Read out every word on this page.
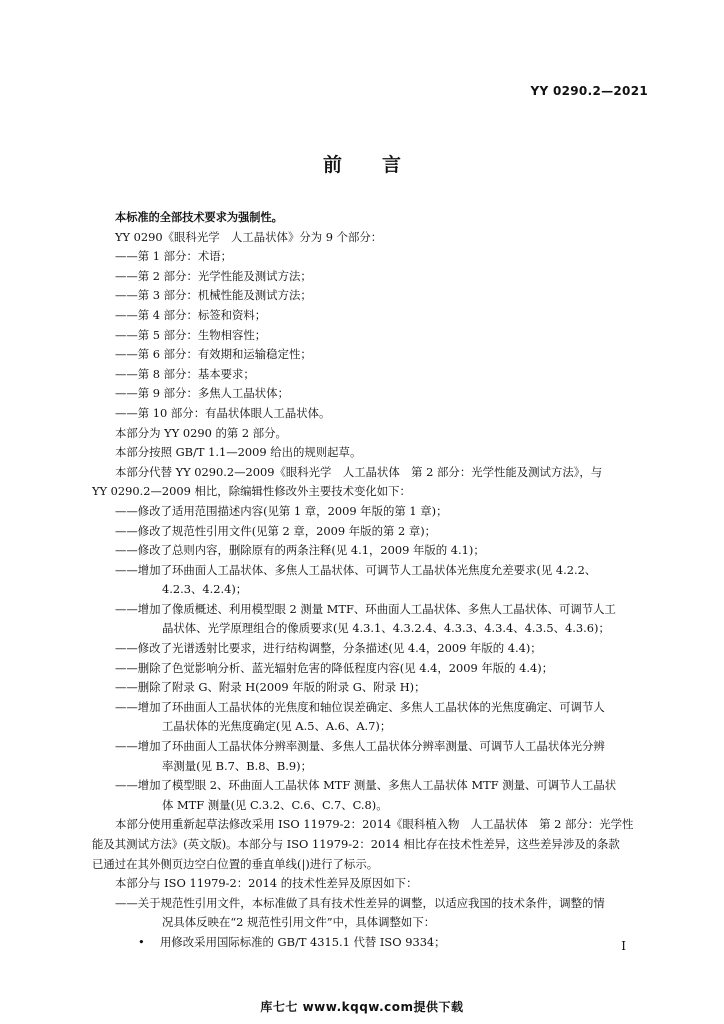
YY 0290.2—2021
前言
本标准的全部技术要求为强制性。
YY 0290《眼科光学　人工晶状体》分为 9 个部分：
——第 1 部分：术语；
——第 2 部分：光学性能及测试方法；
——第 3 部分：机械性能及测试方法；
——第 4 部分：标签和资料；
——第 5 部分：生物相容性；
——第 6 部分：有效期和运输稳定性；
——第 8 部分：基本要求；
——第 9 部分：多焦人工晶状体；
——第 10 部分：有晶状体眼人工晶状体。
本部分为 YY 0290 的第 2 部分。
本部分按照 GB/T 1.1—2009 给出的规则起草。
本部分代替 YY 0290.2—2009《眼科光学　人工晶状体　第 2 部分：光学性能及测试方法》，与
YY 0290.2—2009 相比，除编辑性修改外主要技术变化如下：
——修改了适用范围描述内容(见第 1 章，2009 年版的第 1 章)；
——修改了规范性引用文件(见第 2 章，2009 年版的第 2 章)；
——修改了总则内容，删除原有的两条注释(见 4.1，2009 年版的 4.1)；
——增加了环曲面人工晶状体、多焦人工晶状体、可调节人工晶状体光焦度允差要求(见 4.2.2、
4.2.3、4.2.4)；
——增加了像质概述、利用模型眼 2 测量 MTF、环曲面人工晶状体、多焦人工晶状体、可调节人工
晶状体、光学原理组合的像质要求(见 4.3.1、4.3.2.4、4.3.3、4.3.4、4.3.5、4.3.6)；
——修改了光谱透射比要求，进行结构调整，分条描述(见 4.4，2009 年版的 4.4)；
——删除了色觉影响分析、蓝光辐射危害的降低程度内容(见 4.4，2009 年版的 4.4)；
——删除了附录 G、附录 H(2009 年版的附录 G、附录 H)；
——增加了环曲面人工晶状体的光焦度和轴位误差确定、多焦人工晶状体的光焦度确定、可调节人
工晶状体的光焦度确定(见 A.5、A.6、A.7)；
——增加了环曲面人工晶状体分辨率测量、多焦人工晶状体分辨率测量、可调节人工晶状体光分辨
率测量(见 B.7、B.8、B.9)；
——增加了模型眼 2、环曲面人工晶状体 MTF 测量、多焦人工晶状体 MTF 测量、可调节人工晶状
体 MTF 测量(见 C.3.2、C.6、C.7、C.8)。
本部分使用重新起草法修改采用 ISO 11979-2：2014《眼科植入物　人工晶状体　第 2 部分：光学性
能及其测试方法》(英文版)。本部分与 ISO 11979-2：2014 相比存在技术性差异，这些差异涉及的条款
已通过在其外侧页边空白位置的垂直单线(|)进行了标示。
本部分与 ISO 11979-2：2014 的技术性差异及原因如下：
——关于规范性引用文件，本标准做了具有技术性差异的调整，以适应我国的技术条件，调整的情
况具体反映在“2 规范性引用文件”中，具体调整如下：
• 用修改采用国际标准的 GB/T 4315.1 代替 ISO 9334；	I
库七七 www.kqqw.com提供下载
